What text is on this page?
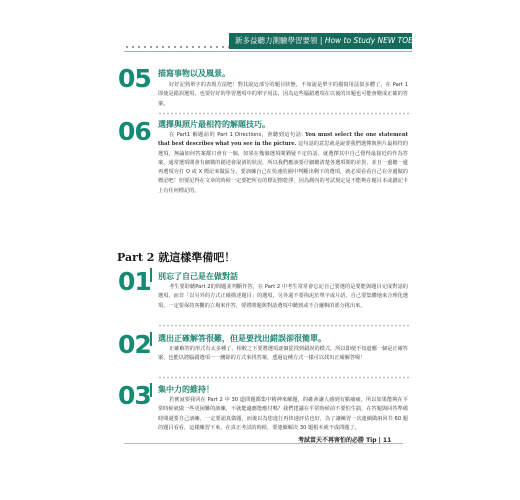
新多益聽力測驗學習要領 | How to Study NEW TOEIC LC
05 描寫事物以及風景。
好好記熟單字的表現方法吧！對其說這部分的題目狀態，不如說是單字的描寫用法似多體了，在 Part 1 即使是錯誤選項，也要好好的學習選項中的單字用法，因為這些腦錯選項在以後的出題也可能會變成正確的答案。
06 選擇與照片最相符的解題技巧。
在 Part1 解題前的 Part 1 Directions，會聽到這句話: You must select the one statement that best describes what you see in the picture. 這句話的意思就是說要我們選擇與照片最相符的選項，無論如何答案都只會有一個，如果在幾個選項間猶疑不定的話，就選擇其中自己覺得最接近的作為答案。通常選項間會有細微的描述會混淆的狀況，所以我們應該要仔細聽清楚各選項間的差異，並且一邊聽一邊再選項旁打 O 或 X 標記來做區分。要訓練自己在快速的圈中判斷出剩下的選項，就必須看看自己在旁邊做的標記吧！但要記得在文章的時候一定要把所有的標記擦乾淨，因為測內的考試規定是不能夠在題目本或劃記卡上有任何標記的。
Part 2 就這樣準備吧！
01 別忘了自己是在做對話
考生要聆聽Part 2的問題並判斷作答，在 Part 2 中考生常常會忘記自己要選的是要能與題目完成對話的選項，而非「以另外的方式正確描述題目」的選項，另外還不要拘泥於單字或片語，自己要集體地來合理化選項，一定要保持客觀的立場來作答，要將問題與對話選項中聽到或不合邏輯的部分挑出來。
02 選出正確解答很難，但是要找出錯誤卻很簡單。
正確解答的形式有太多種了，相較之下要將選項逐個從找到錯誤的模式，所以即使不知道哪一個是正確答案，也能以將腦錯選項一一刪除的方式來找答案，透過這種方式一樣可以找出正確解答喔！
03 集中力的維持！
若實說要我回在 Part 2 中 30 道問題都集中精神來解題，的確會讓人感到有點痛痛，所以如果能夠在平常時候就做一些更困難的訓練，不就能適應能應付嗎？我們建議在平常時候前不要怕生搞，在答題與回答準備時間還要自己訓練，一定要認真做題，而後以為您進行再快速評估也好，為了讓練習一次連續做兩回共 60 題的題目看看，這樣練習下來，在真正考試的時候，要連續解決 30 題根本就不成問題了。
考試當天不再害怕的必勝 Tip | 11
